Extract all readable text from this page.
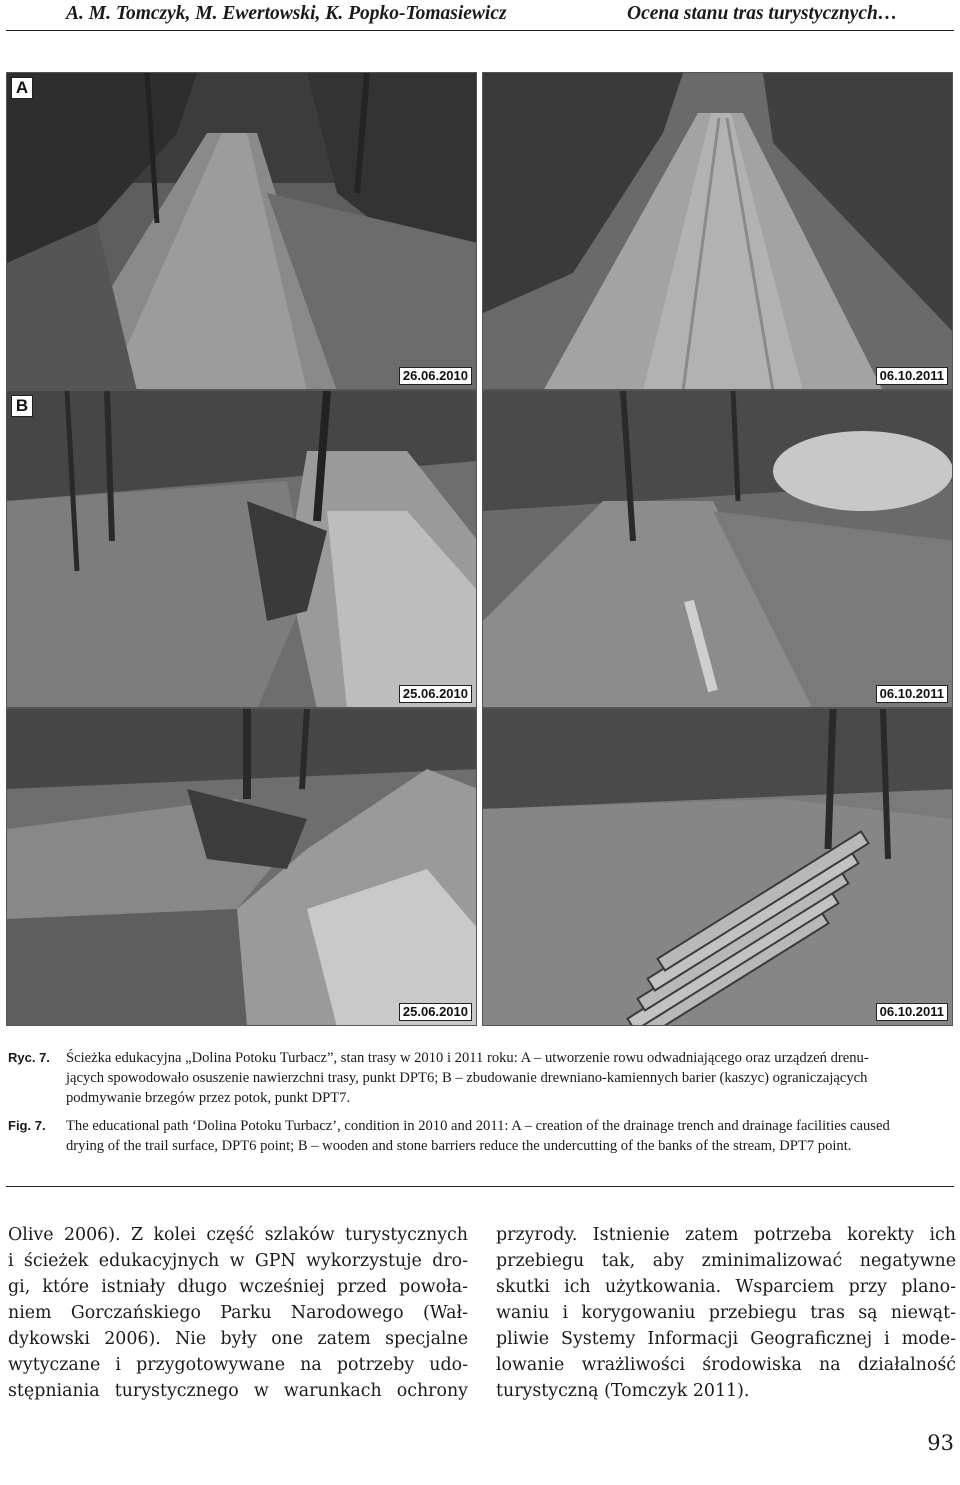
A. M. Tomczyk, M. Ewertowski, K. Popko-Tomasiewicz	Ocena stanu tras turystycznych…
A
26.06.2010	06.10.2011
B
25.06.2010	06.10.2011
25.06.2010	06.10.2011
Ryc. 7. Ścieżka edukacyjna „Dolina Potoku Turbacz”, stan trasy w 2010 i 2011 roku: A – utworzenie rowu odwadniającego oraz urządzeń drenu-
jących spowodowało osuszenie nawierzchni trasy, punkt DPT6; B – zbudowanie drewniano-kamiennych barier (kaszyc) ograniczających
podmywanie brzegów przez potok, punkt DPT7.
Fig. 7. The educational path ‘Dolina Potoku Turbacz’, condition in 2010 and 2011: A – creation of the drainage trench and drainage facilities caused
drying of the trail surface, DPT6 point; B – wooden and stone barriers reduce the undercutting of the banks of the stream, DPT7 point.
Olive 2006). Z kolei część szlaków turystycznych
i ścieżek edukacyjnych w GPN wykorzystuje dro-
gi, które istniały długo wcześniej przed powoła-
niem Gorczańskiego Parku Narodowego (Wał-
dykowski 2006). Nie były one zatem specjalne
wytyczane i przygotowywane na potrzeby udo-
stępniania turystycznego w warunkach ochrony
przyrody. Istnienie zatem potrzeba korekty ich
przebiegu tak, aby zminimalizować negatywne
skutki ich użytkowania. Wsparciem przy plano-
waniu i korygowaniu przebiegu tras są niewąt-
pliwie Systemy Informacji Geograficznej i mode-
lowanie wrażliwości środowiska na działalność
turystyczną (Tomczyk 2011).
93
